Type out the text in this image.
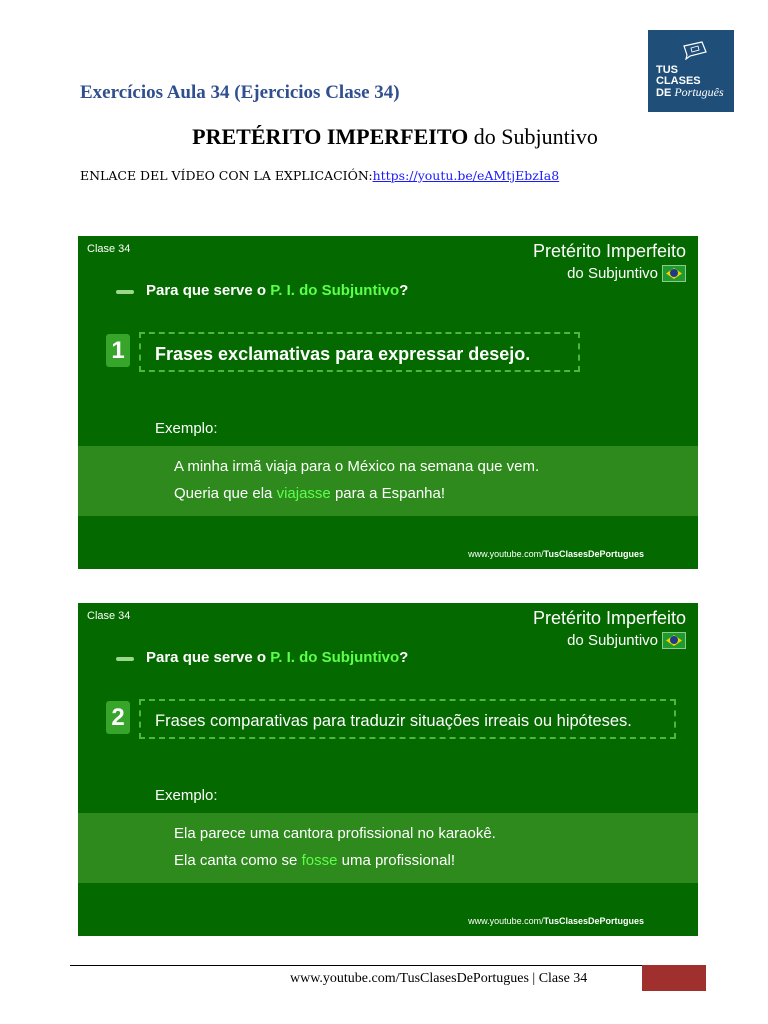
Exercícios Aula 34 (Ejercicios Clase 34)
TUS
CLASES
DE Português
PRETÉRITO IMPERFEITO do Subjuntivo
ENLACE DEL VÍDEO CON LA EXPLICACIÓN:https://youtu.be/eAMtjEbzIa8
Clase 34	Pretérito Imperfeito
do Subjuntivo
Para que serve o P. I. do Subjuntivo?
1	Frases exclamativas para expressar desejo.
Exemplo:
A minha irmã viaja para o México na semana que vem.
Queria que ela viajasse para a Espanha!
www.youtube.com/TusClasesDePortugues
Clase 34	Pretérito Imperfeito
do Subjuntivo
Para que serve o P. I. do Subjuntivo?
2	Frases comparativas para traduzir situações irreais ou hipóteses.
Exemplo:
Ela parece uma cantora profissional no karaokê.
Ela canta como se fosse uma profissional!
www.youtube.com/TusClasesDePortugues
www.youtube.com/TusClasesDePortugues | Clase 34
